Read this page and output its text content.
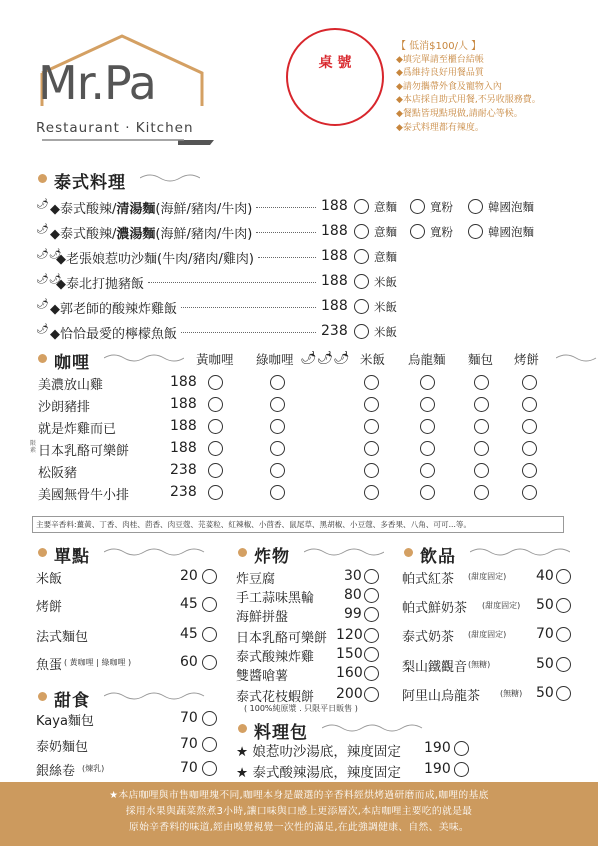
Mr.Pa
Restaurant · Kitchen
桌 號
【 低消$100/人 】
◆填完單請至櫃台結帳
◆爲維持良好用餐品質
◆請勿攜帶外食及寵物入內
◆本店採自助式用餐,不另收服務費。
◆餐點皆現點現做,請耐心等候。
◆泰式料理都有辣度。
泰式料理
🌶 ◆泰式酸辣/清湯麵(海鮮/豬肉/牛肉)	188 意麵	寬粉	韓國泡麵
🌶 ◆泰式酸辣/濃湯麵(海鮮/豬肉/牛肉)	188 意麵	寬粉	韓國泡麵
🌶🌶
◆老張娘惹叻沙麵(牛肉/豬肉/雞肉)	188 意麵
🌶🌶
◆泰北打拋豬飯	188 米飯
🌶 ◆郭老師的酸辣炸雞飯	188 米飯
🌶 ◆恰恰最愛的檸檬魚飯	238 米飯
咖哩	黃咖哩 綠咖哩	米飯 烏龍麵 麵包 烤餅
🌶🌶🌶
美濃放山雞	188
沙朗豬排	188
就是炸雞而已	188
限素 日本乳酪可樂餅	188
松阪豬	238
美國無骨牛小排	238
主要辛香料:薑黃、丁香、肉桂、茴香、肉豆蔻、芫荽粒、紅辣椒、小茴香、鼠尾草、黑胡椒、小豆蔻、多香果、八角、可可...等。
單點
米飯	20
烤餅	45
法式麵包	45
魚蛋 ( 黃咖哩 | 綠咖哩 )	60
甜食
Kaya麵包	70
泰奶麵包	70
銀絲卷 (煉乳)	70
炸物
炸豆腐	30
手工蒜味黑輪 80
海鮮拼盤	99
日本乳酪可樂餅 120
泰式酸辣炸雞 150
雙醬嗆薯	160
泰式花枝蝦餅 200
( 100%純原漿 . 只限平日販售 )
料理包
★ 娘惹叻沙湯底，辣度固定 190
★ 泰式酸辣湯底，辣度固定 190
飲品
帕式紅茶 (甜度固定) 40
帕式鮮奶茶 (甜度固定) 50
泰式奶茶 (甜度固定) 70
梨山鐵觀音 (無糖)	50
阿里山烏龍茶 (無糖) 50
★本店咖哩與市售咖哩塊不同,咖哩本身是嚴選的辛香料經烘烤過研磨而成,咖哩的基底
採用水果與蔬菜熬煮3小時,讓口味與口感上更添層次,本店咖哩主要吃的就是最
原始辛香料的味道,經由嗅覺視覺一次性的滿足,在此強調健康、自然、美味。
